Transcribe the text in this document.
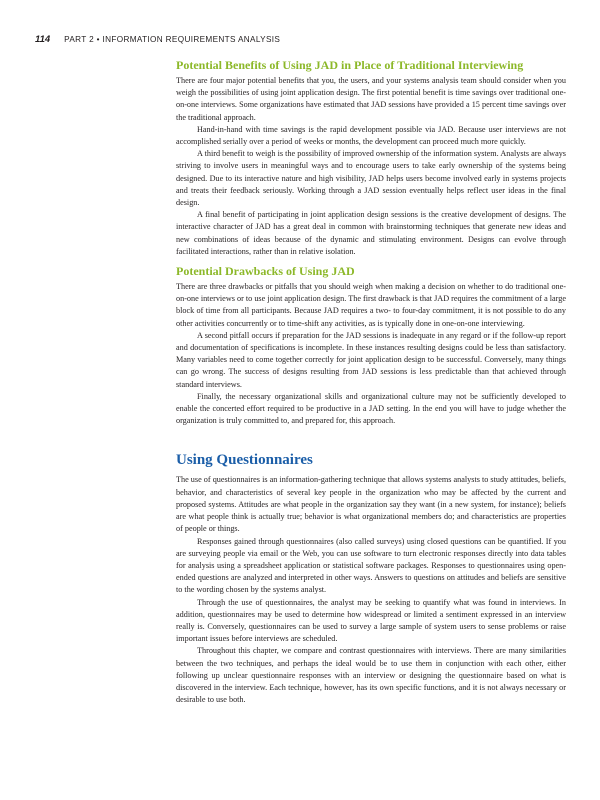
114 PART 2 • INFORMATION REQUIREMENTS ANALYSIS
Potential Benefits of Using JAD in Place of Traditional Interviewing

There are four major potential benefits that you, the users, and your systems analysis team should consider when you weigh the possibilities of using joint application design. The first potential benefit is time savings over traditional one-on-one interviews. Some organizations have estimated that JAD sessions have provided a 15 percent time savings over the traditional approach.

Hand-in-hand with time savings is the rapid development possible via JAD. Because user interviews are not accomplished serially over a period of weeks or months, the development can proceed much more quickly.

A third benefit to weigh is the possibility of improved ownership of the information system. Analysts are always striving to involve users in meaningful ways and to encourage users to take early ownership of the systems being designed. Due to its interactive nature and high visibility, JAD helps users become involved early in systems projects and treats their feedback seriously. Working through a JAD session eventually helps reflect user ideas in the final design.

A final benefit of participating in joint application design sessions is the creative development of designs. The interactive character of JAD has a great deal in common with brainstorming techniques that generate new ideas and new combinations of ideas because of the dynamic and stimulating environment. Designs can evolve through facilitated interactions, rather than in relative isolation.

Potential Drawbacks of Using JAD

There are three drawbacks or pitfalls that you should weigh when making a decision on whether to do traditional one-on-one interviews or to use joint application design. The first drawback is that JAD requires the commitment of a large block of time from all participants. Because JAD requires a two- to four-day commitment, it is not possible to do any other activities concurrently or to time-shift any activities, as is typically done in one-on-one interviewing.

A second pitfall occurs if preparation for the JAD sessions is inadequate in any regard or if the follow-up report and documentation of specifications is incomplete. In these instances resulting designs could be less than satisfactory. Many variables need to come together correctly for joint application design to be successful. Conversely, many things can go wrong. The success of designs resulting from JAD sessions is less predictable than that achieved through standard interviews.

Finally, the necessary organizational skills and organizational culture may not be sufficiently developed to enable the concerted effort required to be productive in a JAD setting. In the end you will have to judge whether the organization is truly committed to, and prepared for, this approach.

Using Questionnaires

The use of questionnaires is an information-gathering technique that allows systems analysts to study attitudes, beliefs, behavior, and characteristics of several key people in the organization who may be affected by the current and proposed systems. Attitudes are what people in the organization say they want (in a new system, for instance); beliefs are what people think is actually true; behavior is what organizational members do; and characteristics are properties of people or things.

Responses gained through questionnaires (also called surveys) using closed questions can be quantified. If you are surveying people via email or the Web, you can use software to turn electronic responses directly into data tables for analysis using a spreadsheet application or statistical software packages. Responses to questionnaires using open-ended questions are analyzed and interpreted in other ways. Answers to questions on attitudes and beliefs are sensitive to the wording chosen by the systems analyst.

Through the use of questionnaires, the analyst may be seeking to quantify what was found in interviews. In addition, questionnaires may be used to determine how widespread or limited a sentiment expressed in an interview really is. Conversely, questionnaires can be used to survey a large sample of system users to sense problems or raise important issues before interviews are scheduled.

Throughout this chapter, we compare and contrast questionnaires with interviews. There are many similarities between the two techniques, and perhaps the ideal would be to use them in conjunction with each other, either following up unclear questionnaire responses with an interview or designing the questionnaire based on what is discovered in the interview. Each technique, however, has its own specific functions, and it is not always necessary or desirable to use both.
